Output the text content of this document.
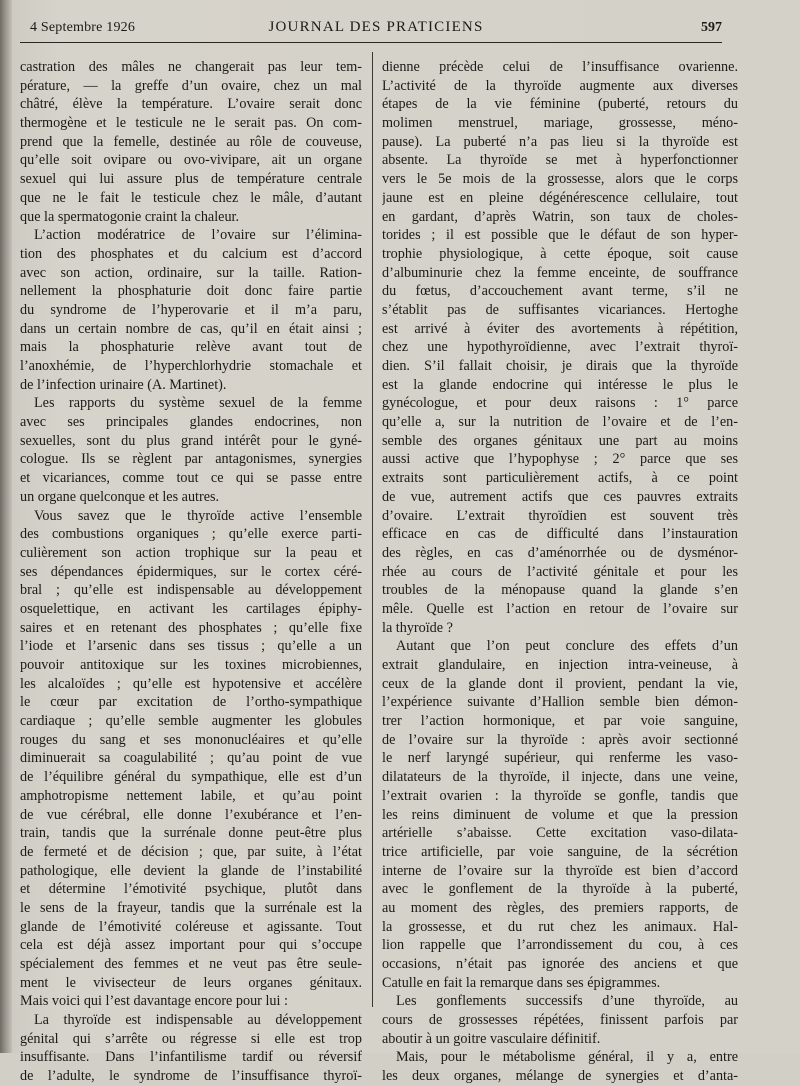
4 Septembre 1926	JOURNAL DES PRATICIENS	597
castration des mâles ne changerait pas leur tem-
pérature, — la greffe d’un ovaire, chez un mal
châtré, élève la température. L’ovaire serait donc
thermogène et le testicule ne le serait pas. On com-
prend que la femelle, destinée au rôle de couveuse,
qu’elle soit ovipare ou ovo-vivipare, ait un organe
sexuel qui lui assure plus de température centrale
que ne le fait le testicule chez le mâle, d’autant
que la spermatogonie craint la chaleur.
L’action modératrice de l’ovaire sur l’élimina-
tion des phosphates et du calcium est d’accord
avec son action, ordinaire, sur la taille. Ration-
nellement la phosphaturie doit donc faire partie
du syndrome de l’hyperovarie et il m’a paru,
dans un certain nombre de cas, qu’il en était ainsi ;
mais la phosphaturie relève avant tout de
l’anoxhémie, de l’hyperchlorhydrie stomachale et
de l’infection urinaire (A. Martinet).
Les rapports du système sexuel de la femme
avec ses principales glandes endocrines, non
sexuelles, sont du plus grand intérêt pour le gyné-
cologue. Ils se règlent par antagonismes, synergies
et vicariances, comme tout ce qui se passe entre
un organe quelconque et les autres.
Vous savez que le thyroïde active l’ensemble
des combustions organiques ; qu’elle exerce parti-
culièrement son action trophique sur la peau et
ses dépendances épidermiques, sur le cortex céré-
bral ; qu’elle est indispensable au développement
osquelettique, en activant les cartilages épiphy-
saires et en retenant des phosphates ; qu’elle fixe
l’iode et l’arsenic dans ses tissus ; qu’elle a un
pouvoir antitoxique sur les toxines microbiennes,
les alcaloïdes ; qu’elle est hypotensive et accélère
le cœur par excitation de l’ortho-sympathique
cardiaque ; qu’elle semble augmenter les globules
rouges du sang et ses mononucléaires et qu’elle
diminuerait sa coagulabilité ; qu’au point de vue
de l’équilibre général du sympathique, elle est d’un
amphotropisme nettement labile, et qu’au point
de vue cérébral, elle donne l’exubérance et l’en-
train, tandis que la surrénale donne peut-être plus
de fermeté et de décision ; que, par suite, à l’état
pathologique, elle devient la glande de l’instabilité
et détermine l’émotivité psychique, plutôt dans
le sens de la frayeur, tandis que la surrénale est la
glande de l’émotivité coléreuse et agissante. Tout
cela est déjà assez important pour qui s’occupe
spécialement des femmes et ne veut pas être seule-
ment le vivisecteur de leurs organes génitaux.
Mais voici qui l’est davantage encore pour lui :
La thyroïde est indispensable au développement
génital qui s’arrête ou régresse si elle est trop
insuffisante. Dans l’infantilisme tardif ou réversif
de l’adulte, le syndrome de l’insuffisance thyroï-
dienne précède celui de l’insuffisance ovarienne.
L’activité de la thyroïde augmente aux diverses
étapes de la vie féminine (puberté, retours du
molimen menstruel, mariage, grossesse, méno-
pause). La puberté n’a pas lieu si la thyroïde est
absente. La thyroïde se met à hyperfonctionner
vers le 5e mois de la grossesse, alors que le corps
jaune est en pleine dégénérescence cellulaire, tout
en gardant, d’après Watrin, son taux de choles-
torides ; il est possible que le défaut de son hyper-
trophie physiologique, à cette époque, soit cause
d’albuminurie chez la femme enceinte, de souffrance
du fœtus, d’accouchement avant terme, s’il ne
s’établit pas de suffisantes vicariances. Hertoghe
est arrivé à éviter des avortements à répétition,
chez une hypothyroïdienne, avec l’extrait thyroï-
dien. S’il fallait choisir, je dirais que la thyroïde
est la glande endocrine qui intéresse le plus le
gynécologue, et pour deux raisons : 1° parce
qu’elle a, sur la nutrition de l’ovaire et de l’en-
semble des organes génitaux une part au moins
aussi active que l’hypophyse ; 2° parce que ses
extraits sont particulièrement actifs, à ce point
de vue, autrement actifs que ces pauvres extraits
d’ovaire. L’extrait thyroïdien est souvent très
efficace en cas de difficulté dans l’instauration
des règles, en cas d’aménorrhée ou de dysménor-
rhée au cours de l’activité génitale et pour les
troubles de la ménopause quand la glande s’en
mêle. Quelle est l’action en retour de l’ovaire sur
la thyroïde ?
Autant que l’on peut conclure des effets d’un
extrait glandulaire, en injection intra-veineuse, à
ceux de la glande dont il provient, pendant la vie,
l’expérience suivante d’Hallion semble bien démon-
trer l’action hormonique, et par voie sanguine,
de l’ovaire sur la thyroïde : après avoir sectionné
le nerf laryngé supérieur, qui renferme les vaso-
dilatateurs de la thyroïde, il injecte, dans une veine,
l’extrait ovarien : la thyroïde se gonfle, tandis que
les reins diminuent de volume et que la pression
artérielle s’abaisse. Cette excitation vaso-dilata-
trice artificielle, par voie sanguine, de la sécrétion
interne de l’ovaire sur la thyroïde est bien d’accord
avec le gonflement de la thyroïde à la puberté,
au moment des règles, des premiers rapports, de
la grossesse, et du rut chez les animaux. Hal-
lion rappelle que l’arrondissement du cou, à ces
occasions, n’était pas ignorée des anciens et que
Catulle en fait la remarque dans ses épigrammes.
Les gonflements successifs d’une thyroïde, au
cours de grossesses répétées, finissent parfois par
aboutir à un goitre vasculaire définitif.
Mais, pour le métabolisme général, il y a, entre
les deux organes, mélange de synergies et d’anta-
